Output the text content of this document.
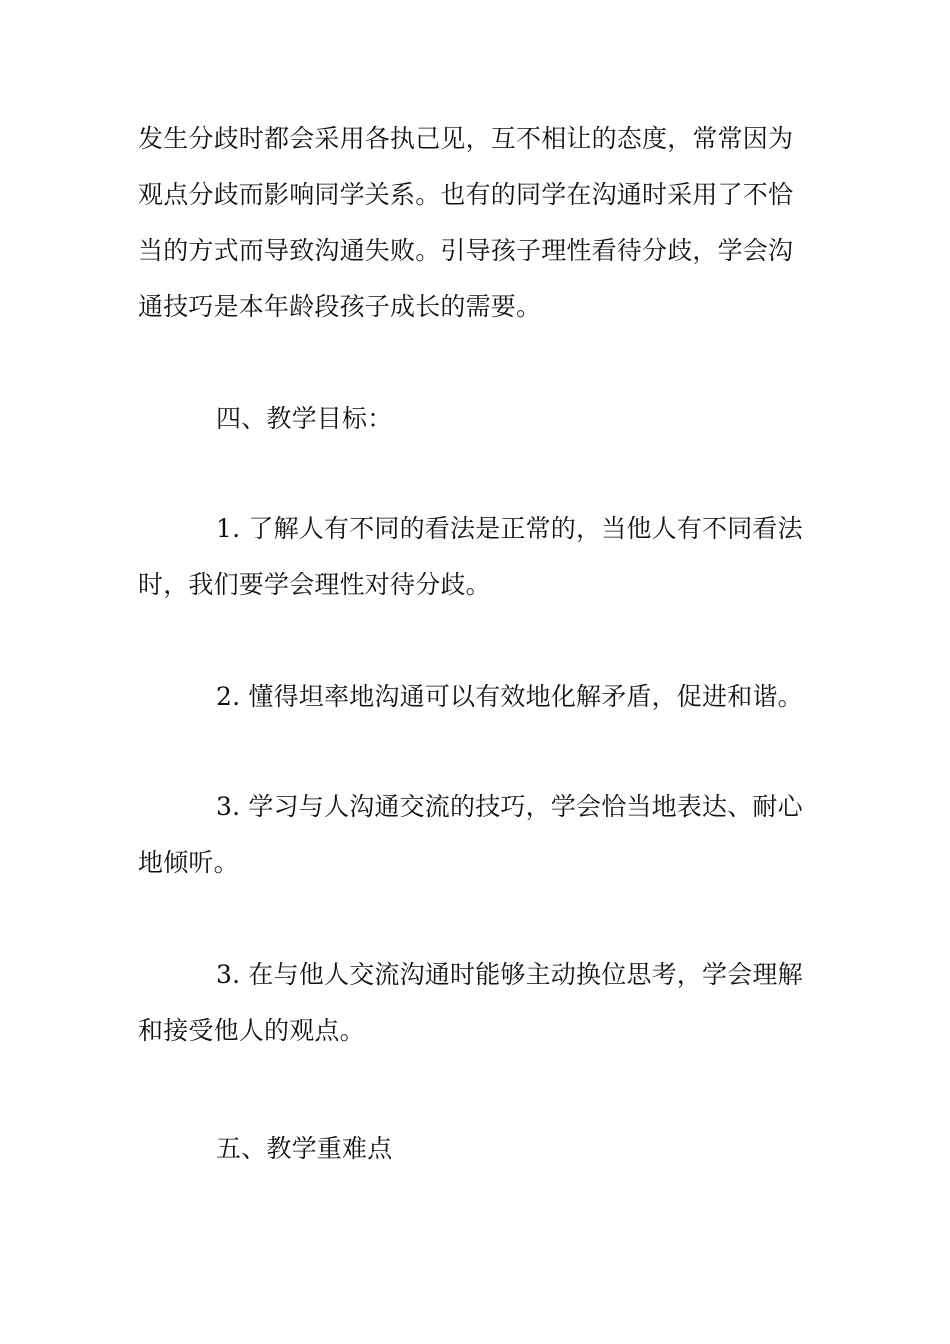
发生分歧时都会采用各执己见，互不相让的态度，常常因为
观点分歧而影响同学关系。也有的同学在沟通时采用了不恰
当的方式而导致沟通失败。引导孩子理性看待分歧，学会沟
通技巧是本年龄段孩子成长的需要。
四、教学目标：
1. 了解人有不同的看法是正常的，当他人有不同看法
时，我们要学会理性对待分歧。
2. 懂得坦率地沟通可以有效地化解矛盾，促进和谐。
3. 学习与人沟通交流的技巧，学会恰当地表达、耐心
地倾听。
3. 在与他人交流沟通时能够主动换位思考，学会理解
和接受他人的观点。
五、教学重难点
